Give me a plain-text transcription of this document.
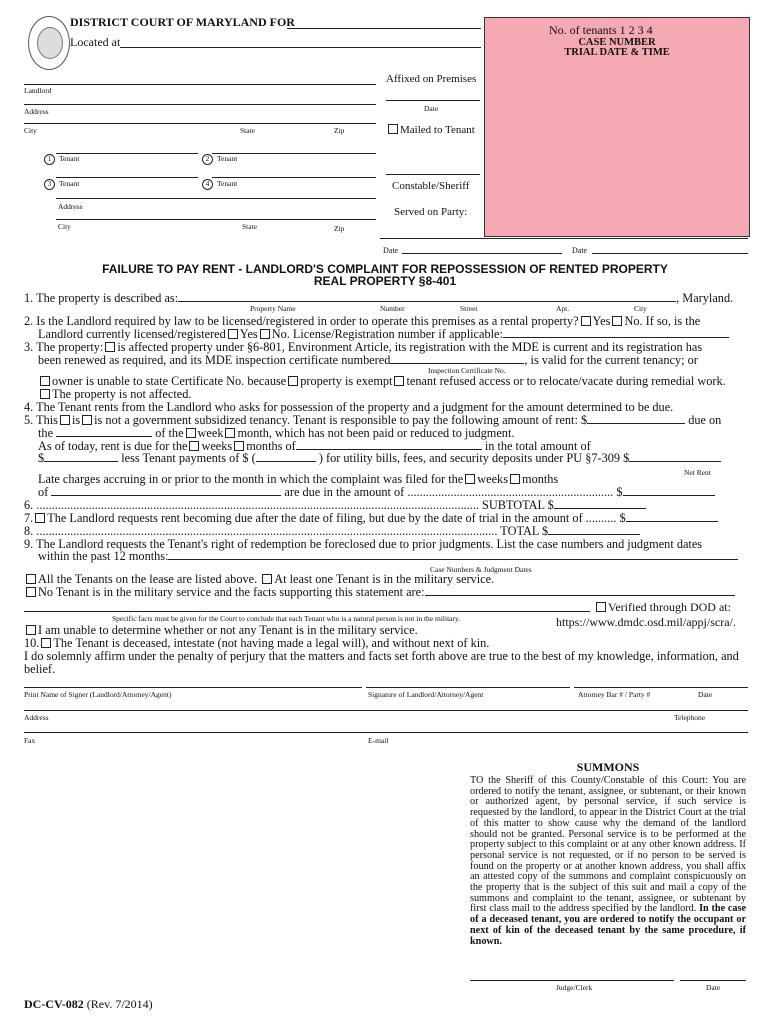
DISTRICT COURT OF MARYLAND FOR
Located at
Landlord
Address
City	State	Zip
1 Tenant	2 Tenant
3 Tenant	4 Tenant
Address
City	State	Zip
Affixed on Premises
Date
Mailed to Tenant
Constable/Sheriff
Served on Party:
No. of tenants 1 2 3 4
CASE NUMBER
TRIAL DATE & TIME
Date	Date
FAILURE TO PAY RENT - LANDLORD'S COMPLAINT FOR REPOSSESSION OF RENTED PROPERTY
REAL PROPERTY §8-401

1. The property is described as:	, Maryland.

Property Name	Number	Street	Apt.	City

2. Is the Landlord required by law to be licensed/registered in order to operate this premises as a rental property? Yes No. If so, is the

Landlord currently licensed/registered Yes No. License/Registration number if applicable:

3. The property: is affected property under §6-801, Environment Article, its registration with the MDE is current and its registration has

been renewed as required, and its MDE inspection certificate numbered	, is valid for the current tenancy; or

Inspection Certificate No.

owner is unable to state Certificate No. because property is exempt tenant refused access or to relocate/vacate during remedial work.

The property is not affected.

4. The Tenant rents from the Landlord who asks for possession of the property and a judgment for the amount determined to be due.

5. This is is not a government subsidized tenancy. Tenant is responsible to pay the following amount of rent: $	due on

the	of the week month, which has not been paid or reduced to judgment.

As of today, rent is due for the weeks months of	in the total amount of

$	less Tenant payments of $ (	) for utility bills, fees, and security deposits under PU §7-309 $

Net Rent

Late charges accruing in or prior to the month in which the complaint was filed for the weeks months

of	are due in the amount of ................................................................... $

6. ................................................................................................................................................ SUBTOTAL $

7. The Landlord requests rent becoming due after the date of filing, but due by the date of trial in the amount of .......... $

8. ...................................................................................................................................................... TOTAL $

9. The Landlord requests the Tenant's right of redemption be foreclosed due to prior judgments. List the case numbers and judgment dates

within the past 12 months:

Case Numbers & Judgment Dates

All the Tenants on the lease are listed above. At least one Tenant is in the military service.

No Tenant is in the military service and the facts supporting this statement are:

Verified through DOD at:
Specific facts must be given for the Court to conclude that each Tenant who is a natural person is not in the military.	https://www.dmdc.osd.mil/appj/scra/.

I am unable to determine whether or not any Tenant is in the military service.

10. The Tenant is deceased, intestate (not having made a legal will), and without next of kin.

I do solemnly affirm under the penalty of perjury that the matters and facts set forth above are true to the best of my knowledge, information, and belief.

Print Name of Signer (Landlord/Attorney/Agent)	Signature of Landlord/Attorney/Agent	Attorney Bar # / Party #	Date
Address	Telephone
Fax	E-mail
SUMMONS
TO the Sheriff of this County/Constable of this Court: You are ordered to notify the tenant, assignee, or subtenant, or their known or authorized agent, by personal service, if such service is requested by the landlord, to appear in the District Court at the trial of this matter to show cause why the demand of the landlord should not be granted. Personal service is to be performed at the property subject to this complaint or at any other known address. If personal service is not requested, or if no person to be served is found on the property or at another known address, you shall affix an attested copy of the summons and complaint conspicuously on the property that is the subject of this suit and mail a copy of the summons and complaint to the tenant, assignee, or subtenant by first class mail to the address specified by the landlord. In the case of a deceased tenant, you are ordered to notify the occupant or next of kin of the deceased tenant by the same procedure, if known.
Judge/Clerk	Date
DC-CV-082 (Rev. 7/2014)
